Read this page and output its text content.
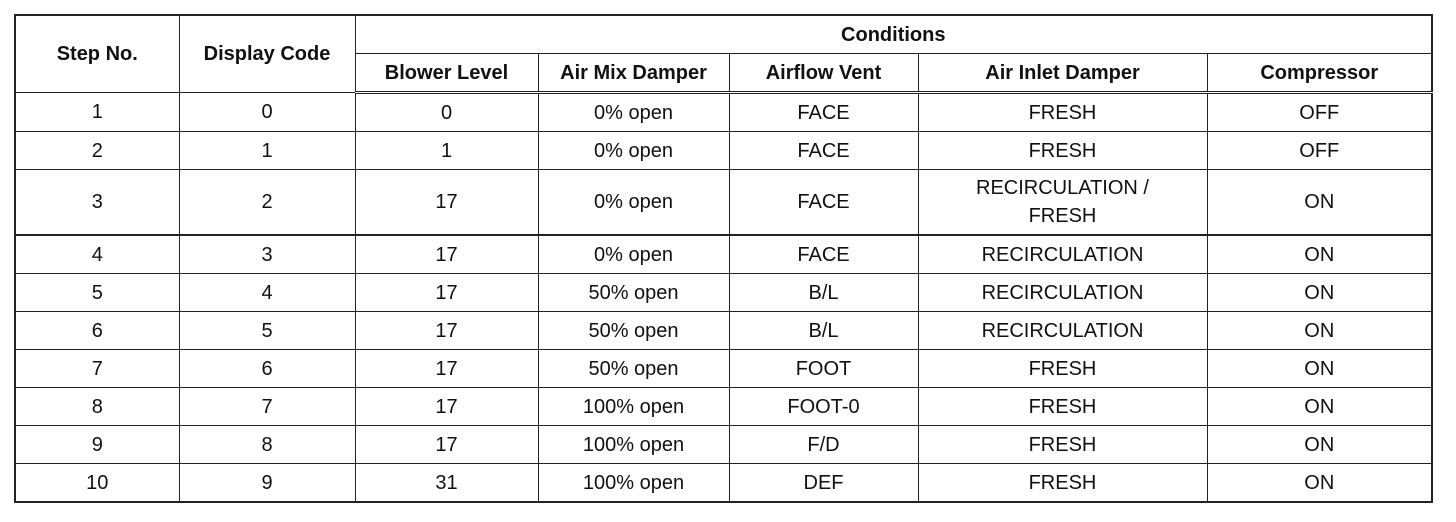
Step No.	Display Code	Conditions				
		Blower Level	Air Mix Damper	Airflow Vent	Air Inlet Damper	Compressor
1	0	0	0% open	FACE	FRESH	OFF
2	1	1	0% open	FACE	FRESH	OFF
3	2	17	0% open	FACE	RECIRCULATION / FRESH	ON
4	3	17	0% open	FACE	RECIRCULATION	ON
5	4	17	50% open	B/L	RECIRCULATION	ON
6	5	17	50% open	B/L	RECIRCULATION	ON
7	6	17	50% open	FOOT	FRESH	ON
8	7	17	100% open	FOOT-0	FRESH	ON
9	8	17	100% open	F/D	FRESH	ON
10	9	31	100% open	DEF	FRESH	ON
